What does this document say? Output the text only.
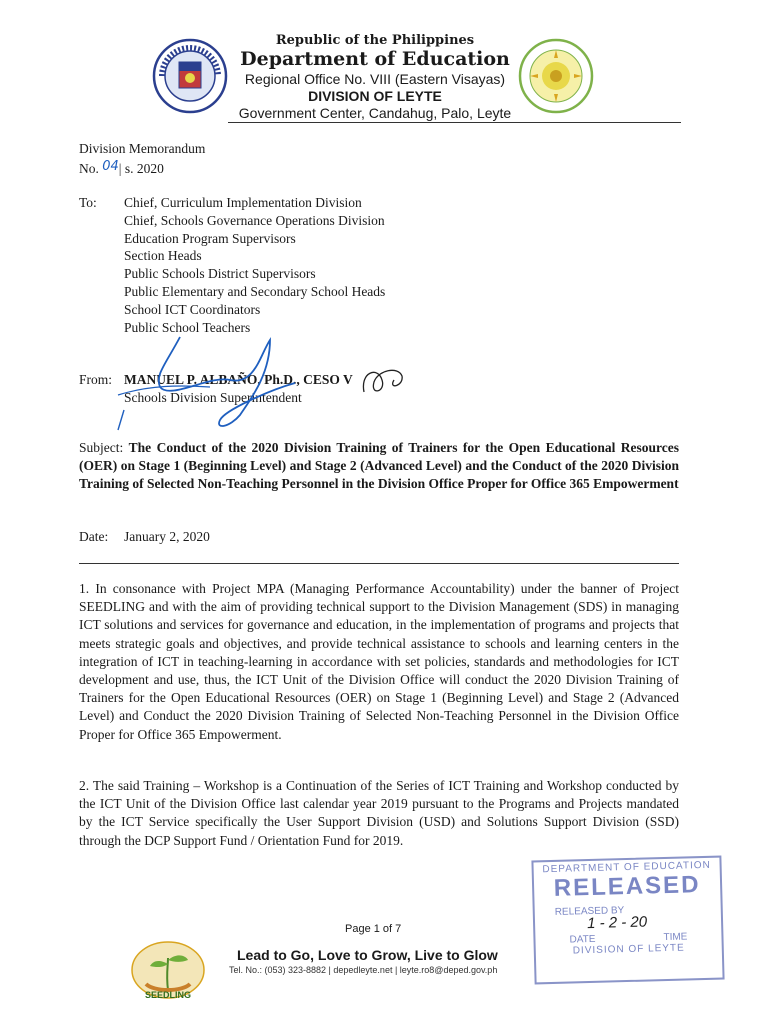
Republic of the Philippines
Department of Education
Regional Office No. VIII (Eastern Visayas)
DIVISION OF LEYTE
Government Center, Candahug, Palo, Leyte
Division Memorandum
No. 04| s. 2020
To: Chief, Curriculum Implementation Division
Chief, Schools Governance Operations Division
Education Program Supervisors
Section Heads
Public Schools District Supervisors
Public Elementary and Secondary School Heads
School ICT Coordinators
Public School Teachers
From: MANUEL P. ALBAÑO, Ph.D., CESO V
Schools Division Superintendent
Subject: The Conduct of the 2020 Division Training of Trainers for the Open Educational Resources (OER) on Stage 1 (Beginning Level) and Stage 2 (Advanced Level) and the Conduct of the 2020 Division Training of Selected Non-Teaching Personnel in the Division Office Proper for Office 365 Empowerment
Date: January 2, 2020
1. In consonance with Project MPA (Managing Performance Accountability) under the banner of Project SEEDLING and with the aim of providing technical support to the Division Management (SDS) in managing ICT solutions and services for governance and education, in the implementation of programs and projects that meets strategic goals and objectives, and provide technical assistance to schools and learning centers in the integration of ICT in teaching-learning in accordance with set policies, standards and methodologies for ICT development and use, thus, the ICT Unit of the Division Office will conduct the 2020 Division Training of Trainers for the Open Educational Resources (OER) on Stage 1 (Beginning Level) and Stage 2 (Advanced Level) and Conduct the 2020 Division Training of Selected Non-Teaching Personnel in the Division Office Proper for Office 365 Empowerment.
2. The said Training – Workshop is a Continuation of the Series of ICT Training and Workshop conducted by the ICT Unit of the Division Office last calendar year 2019 pursuant to the Programs and Projects mandated by the ICT Service specifically the User Support Division (USD) and Solutions Support Division (SSD) through the DCP Support Fund / Orientation Fund for 2019.
DEPARTMENT OF EDUCATION
RELEASED
RELEASED BY
1 - 2 - 20
DATE	TIME
DIVISION OF LEYTE
Page 1 of 7
SEEDLING
Lead to Go, Love to Grow, Live to Glow
Tel. No.: (053) 323-8882 | depedleyte.net | leyte.ro8@deped.gov.ph
